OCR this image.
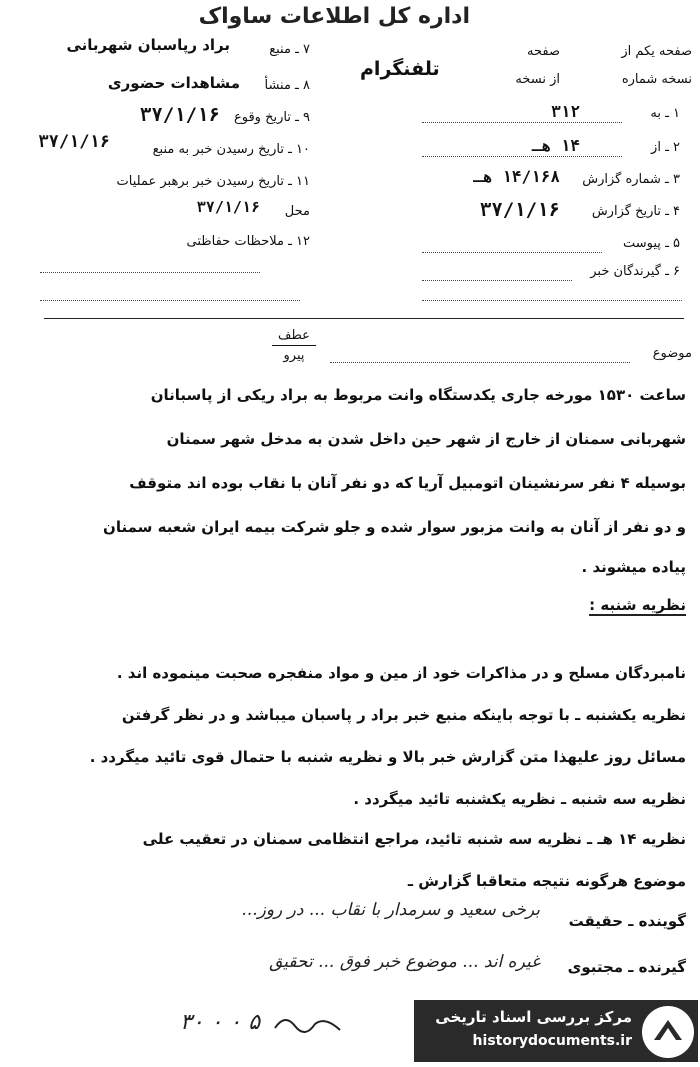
اداره کل اطلاعات ساواک
تلفنگرام
صفحه یکم از
صفحه
نسخه شماره
از نسخه
۱ ـ به
۳۱۲
۲ ـ از
۱۴ هـ
۳ ـ شماره گزارش
۱۴/۱۶۸ هـ
۴ ـ تاریخ گزارش
۳۷/۱/۱۶
۵ ـ پیوست
۶ ـ گیرندگان خبر
۷ ـ منبع
براد رپاسبان شهربانی
۸ ـ منشأ
مشاهدات حضوری
۹ ـ تاریخ وقوع
۳۷/۱/۱۶
۱۰ ـ تاریخ رسیدن خبر به منبع
۳۷/۱/۱۶
۱۱ ـ تاریخ رسیدن خبر برهبر عملیات
محل
۳۷/۱/۱۶
۱۲ ـ ملاحظات حفاظتی
موضوع
عطف
پیرو
ساعت ۱۵۳۰ مورخه جاری یکدستگاه وانت مربوط به براد ریکی از پاسبانان
شهربانی سمنان از خارج از شهر حین داخل شدن به مدخل شهر سمنان
بوسیله ۴ نفر سرنشینان اتومبیل آریا که دو نفر آنان با نقاب بوده اند متوقف
و دو نفر از آنان به وانت مزبور سوار شده و جلو شرکت بیمه ایران شعبه سمنان
پیاده میشوند .
نظریه شنبه :
نامبردگان مسلح و در مذاکرات خود از مین و مواد منفجره صحبت مینموده اند .
نظریه یکشنبه ـ با توجه باینکه منبع خبر براد ر پاسبان میباشد و در نظر گرفتن
مسائل روز علیهذا متن گزارش خبر بالا و نظریه شنبه با حتمال قوی تائید میگردد .
نظریه سه شنبه ـ نظریه یکشنبه تائید میگردد .
نظریه ۱۴ هـ ـ نظریه سه شنبه تائید، مراجع انتظامی سمنان در تعقیب علی
موضوع هرگونه نتیجه متعاقبا گزارش ـ
گوینده ـ حقیقت
برخی سعید و سرمدار با نقاب ... در روز...
گیرنده ـ مجتبوی
غیره اند ... موضوع خبر فوق ... تحقیق
۳۰ ۰ ۰ ۵	مرکز بررسی اسناد تاریخی
historydocuments.ir
